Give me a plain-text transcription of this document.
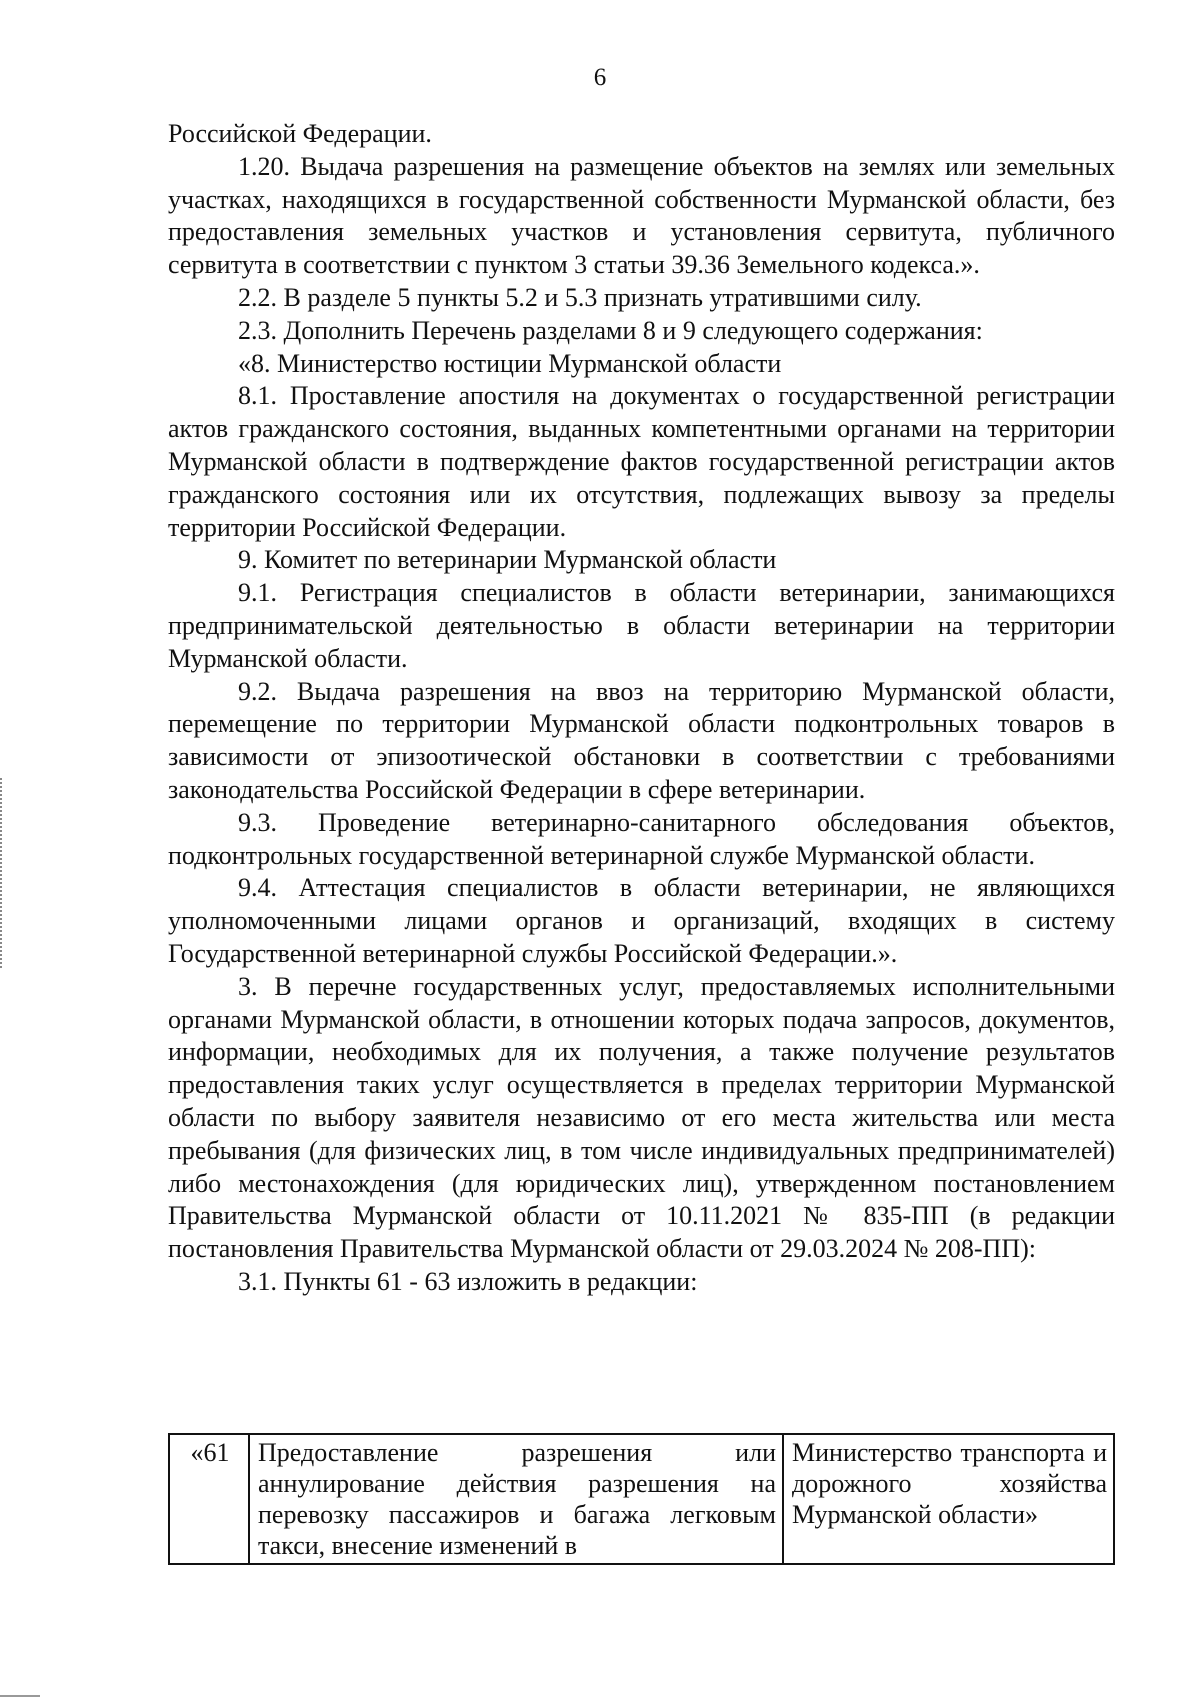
6

Российской Федерации.

1.20. Выдача разрешения на размещение объектов на землях или земельных участках, находящихся в государственной собственности Мурманской области, без предоставления земельных участков и установления сервитута, публичного сервитута в соответствии с пунктом 3 статьи 39.36 Земельного кодекса.».

2.2. В разделе 5 пункты 5.2 и 5.3 признать утратившими силу.

2.3. Дополнить Перечень разделами 8 и 9 следующего содержания:

«8. Министерство юстиции Мурманской области

8.1. Проставление апостиля на документах о государственной регистрации актов гражданского состояния, выданных компетентными органами на территории Мурманской области в подтверждение фактов государственной регистрации актов гражданского состояния или их отсутствия, подлежащих вывозу за пределы территории Российской Федерации.

9. Комитет по ветеринарии Мурманской области

9.1. Регистрация специалистов в области ветеринарии, занимающихся предпринимательской деятельностью в области ветеринарии на территории Мурманской области.

9.2. Выдача разрешения на ввоз на территорию Мурманской области, перемещение по территории Мурманской области подконтрольных товаров в зависимости от эпизоотической обстановки в соответствии с требованиями законодательства Российской Федерации в сфере ветеринарии.

9.3. Проведение ветеринарно-санитарного обследования объектов, подконтрольных государственной ветеринарной службе Мурманской области.

9.4. Аттестация специалистов в области ветеринарии, не являющихся уполномоченными лицами органов и организаций, входящих в систему Государственной ветеринарной службы Российской Федерации.».

3. В перечне государственных услуг, предоставляемых исполнительными органами Мурманской области, в отношении которых подача запросов, документов, информации, необходимых для их получения, а также получение результатов предоставления таких услуг осуществляется в пределах территории Мурманской области по выбору заявителя независимо от его места жительства или места пребывания (для физических лиц, в том числе индивидуальных предпринимателей) либо местонахождения (для юридических лиц), утвержденном постановлением Правительства Мурманской области от 10.11.2021 № 835-ПП (в редакции постановления Правительства Мурманской области от 29.03.2024 № 208-ПП):

3.1. Пункты 61 - 63 изложить в редакции:

«61	Предоставление разрешения или аннулирование действия разрешения на перевозку пассажиров и багажа легковым такси, внесение изменений в	Министерство транспорта и дорожного хозяйства Мурманской области»
